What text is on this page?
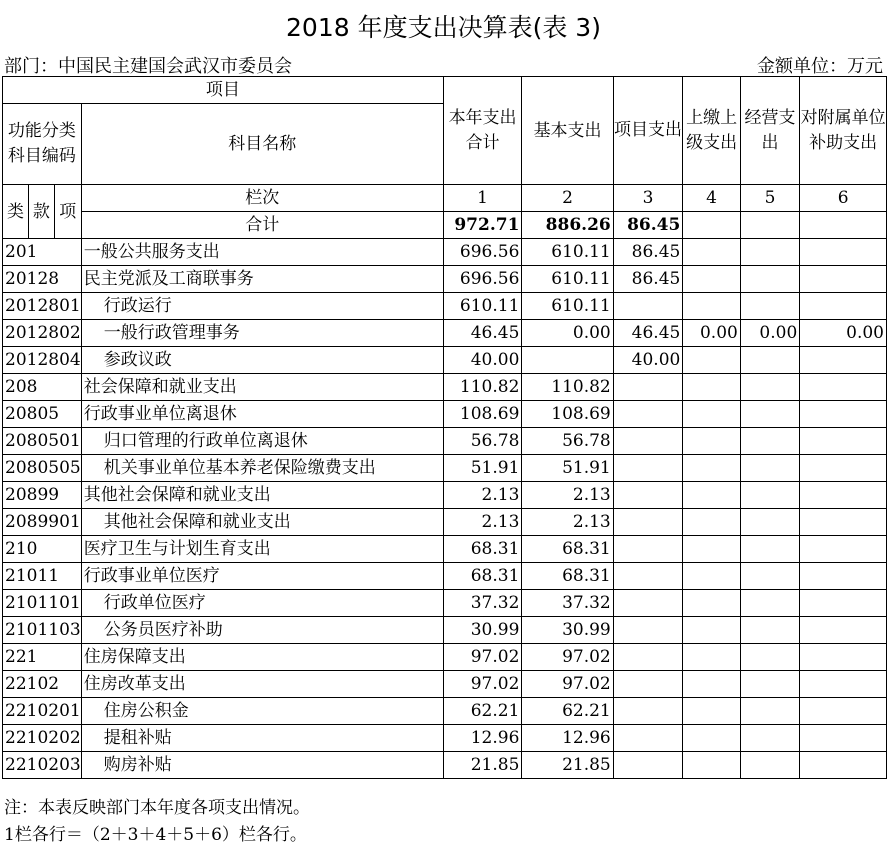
2018 年度支出决算表(表 3)
部门：中国民主建国会武汉市委员会	金额单位：万元
项目				本年支出合计	基本支出	项目支出	上缴上级支出	经营支出	对附属单位补助支出
功能分类科目编码			科目名称						

类	款	项	栏次	1	2	3	4	5	6
			合计	972.71	886.26	86.45			
201			一般公共服务支出	696.56	610.11	86.45			
20128			民主党派及工商联事务	696.56	610.11	86.45			
2012801			行政运行	610.11	610.11				
2012802			一般行政管理事务	46.45	0.00	46.45	0.00	0.00	0.00
2012804			参政议政	40.00		40.00			
208			社会保障和就业支出	110.82	110.82				
20805			行政事业单位离退休	108.69	108.69				
2080501			归口管理的行政单位离退休	56.78	56.78				
2080505			机关事业单位基本养老保险缴费支出	51.91	51.91				
20899			其他社会保障和就业支出	2.13	2.13				
2089901			其他社会保障和就业支出	2.13	2.13				
210			医疗卫生与计划生育支出	68.31	68.31				
21011			行政事业单位医疗	68.31	68.31				
2101101			行政单位医疗	37.32	37.32				
2101103			公务员医疗补助	30.99	30.99				
221			住房保障支出	97.02	97.02				
22102			住房改革支出	97.02	97.02				
2210201			住房公积金	62.21	62.21				
2210202			提租补贴	12.96	12.96				
2210203			购房补贴	21.85	21.85				
注：本表反映部门本年度各项支出情况。
1栏各行＝（2＋3＋4＋5＋6）栏各行。
